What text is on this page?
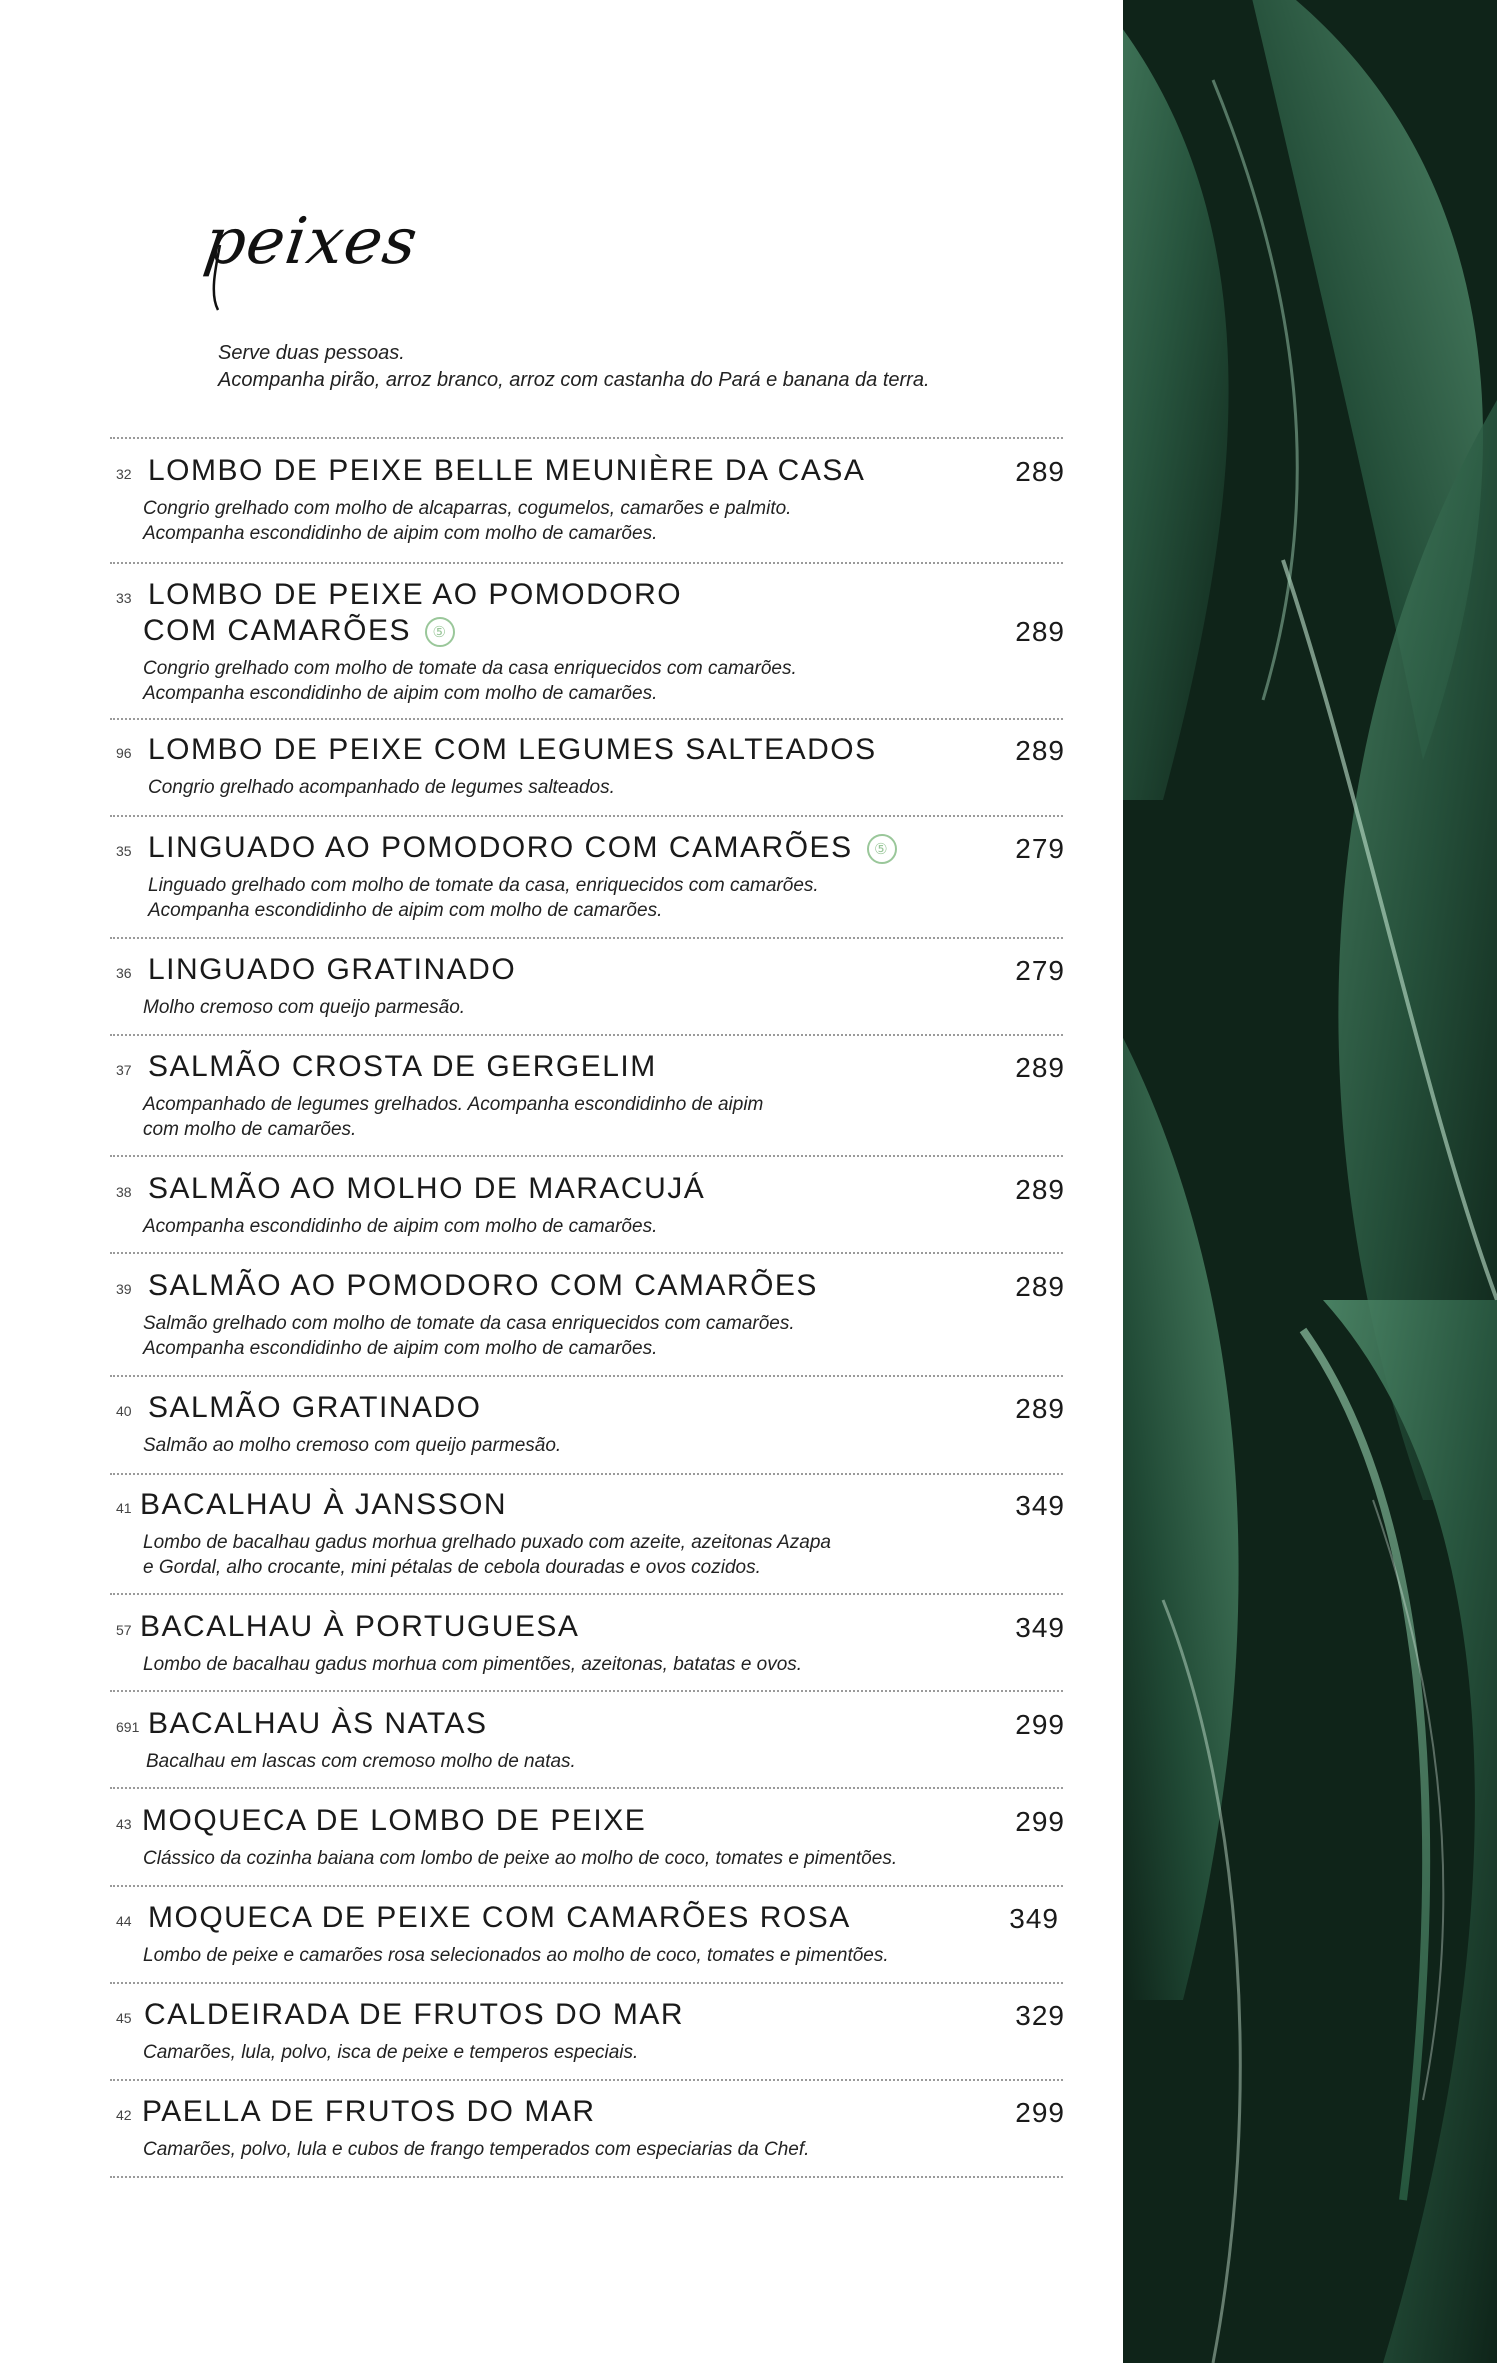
peixes
Serve duas pessoas.
Acompanha pirão, arroz branco, arroz com castanha do Pará e banana da terra.
32 LOMBO DE PEIXE BELLE MEUNIÈRE DA CASA	289
Congrio grelhado com molho de alcaparras, cogumelos, camarões e palmito.
Acompanha escondidinho de aipim com molho de camarões.
33 LOMBO DE PEIXE AO POMODORO
COM CAMARÕES ⑤	289
Congrio grelhado com molho de tomate da casa enriquecidos com camarões.
Acompanha escondidinho de aipim com molho de camarões.
96 LOMBO DE PEIXE COM LEGUMES SALTEADOS	289
Congrio grelhado acompanhado de legumes salteados.
35 LINGUADO AO POMODORO COM CAMARÕES ⑤	279
Linguado grelhado com molho de tomate da casa, enriquecidos com camarões.
Acompanha escondidinho de aipim com molho de camarões.
36 LINGUADO GRATINADO	279
Molho cremoso com queijo parmesão.
37 SALMÃO CROSTA DE GERGELIM	289
Acompanhado de legumes grelhados. Acompanha escondidinho de aipim
com molho de camarões.
38 SALMÃO AO MOLHO DE MARACUJÁ	289
Acompanha escondidinho de aipim com molho de camarões.
39 SALMÃO AO POMODORO COM CAMARÕES	289
Salmão grelhado com molho de tomate da casa enriquecidos com camarões.
Acompanha escondidinho de aipim com molho de camarões.
40 SALMÃO GRATINADO	289
Salmão ao molho cremoso com queijo parmesão.
41 BACALHAU À JANSSON	349
Lombo de bacalhau gadus morhua grelhado puxado com azeite, azeitonas Azapa
e Gordal, alho crocante, mini pétalas de cebola douradas e ovos cozidos.
57 BACALHAU À PORTUGUESA	349
Lombo de bacalhau gadus morhua com pimentões, azeitonas, batatas e ovos.
691 BACALHAU ÀS NATAS	299
Bacalhau em lascas com cremoso molho de natas.
43 MOQUECA DE LOMBO DE PEIXE	299
Clássico da cozinha baiana com lombo de peixe ao molho de coco, tomates e pimentões.
44 MOQUECA DE PEIXE COM CAMARÕES ROSA	349
Lombo de peixe e camarões rosa selecionados ao molho de coco, tomates e pimentões.
45 CALDEIRADA DE FRUTOS DO MAR	329
Camarões, lula, polvo, isca de peixe e temperos especiais.
42 PAELLA DE FRUTOS DO MAR	299
Camarões, polvo, lula e cubos de frango temperados com especiarias da Chef.
